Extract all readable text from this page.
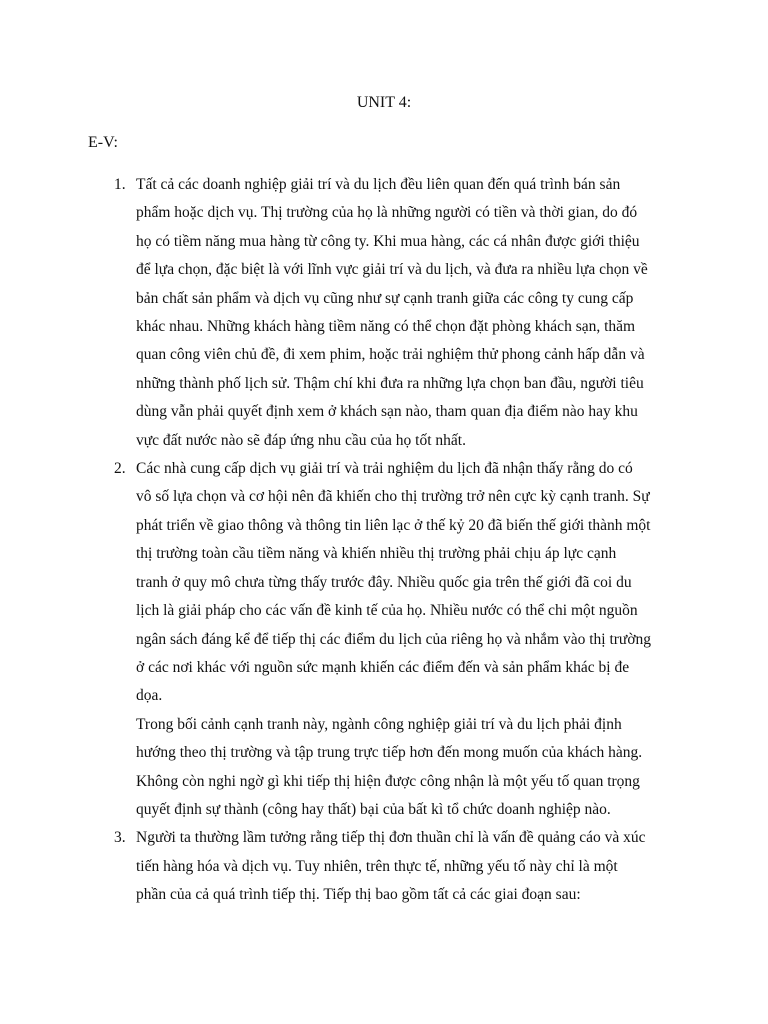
UNIT 4:
E-V:
1. Tất cả các doanh nghiệp giải trí và du lịch đều liên quan đến quá trình bán sản
phẩm hoặc dịch vụ. Thị trường của họ là những người có tiền và thời gian, do đó
họ có tiềm năng mua hàng từ công ty. Khi mua hàng, các cá nhân được giới thiệu
để lựa chọn, đặc biệt là với lĩnh vực giải trí và du lịch, và đưa ra nhiều lựa chọn về
bản chất sản phẩm và dịch vụ cũng như sự cạnh tranh giữa các công ty cung cấp
khác nhau. Những khách hàng tiềm năng có thể chọn đặt phòng khách sạn, thăm
quan công viên chủ đề, đi xem phim, hoặc trải nghiệm thử phong cảnh hấp dẫn và
những thành phố lịch sử. Thậm chí khi đưa ra những lựa chọn ban đầu, người tiêu
dùng vẫn phải quyết định xem ở khách sạn nào, tham quan địa điểm nào hay khu
vực đất nước nào sẽ đáp ứng nhu cầu của họ tốt nhất.
2. Các nhà cung cấp dịch vụ giải trí và trải nghiệm du lịch đã nhận thấy rằng do có
vô số lựa chọn và cơ hội nên đã khiến cho thị trường trở nên cực kỳ cạnh tranh. Sự
phát triển về giao thông và thông tin liên lạc ở thế kỷ 20 đã biến thế giới thành một
thị trường toàn cầu tiềm năng và khiến nhiều thị trường phải chịu áp lực cạnh
tranh ở quy mô chưa từng thấy trước đây. Nhiều quốc gia trên thế giới đã coi du
lịch là giải pháp cho các vấn đề kinh tế của họ. Nhiều nước có thể chi một nguồn
ngân sách đáng kể để tiếp thị các điểm du lịch của riêng họ và nhắm vào thị trường
ở các nơi khác với nguồn sức mạnh khiến các điểm đến và sản phẩm khác bị đe
dọa.
Trong bối cảnh cạnh tranh này, ngành công nghiệp giải trí và du lịch phải định
hướng theo thị trường và tập trung trực tiếp hơn đến mong muốn của khách hàng.
Không còn nghi ngờ gì khi tiếp thị hiện được công nhận là một yếu tố quan trọng
quyết định sự thành (công hay thất) bại của bất kì tổ chức doanh nghiệp nào.
3. Người ta thường lầm tưởng rằng tiếp thị đơn thuần chỉ là vấn đề quảng cáo và xúc
tiến hàng hóa và dịch vụ. Tuy nhiên, trên thực tế, những yếu tố này chỉ là một
phần của cả quá trình tiếp thị. Tiếp thị bao gồm tất cả các giai đoạn sau:
